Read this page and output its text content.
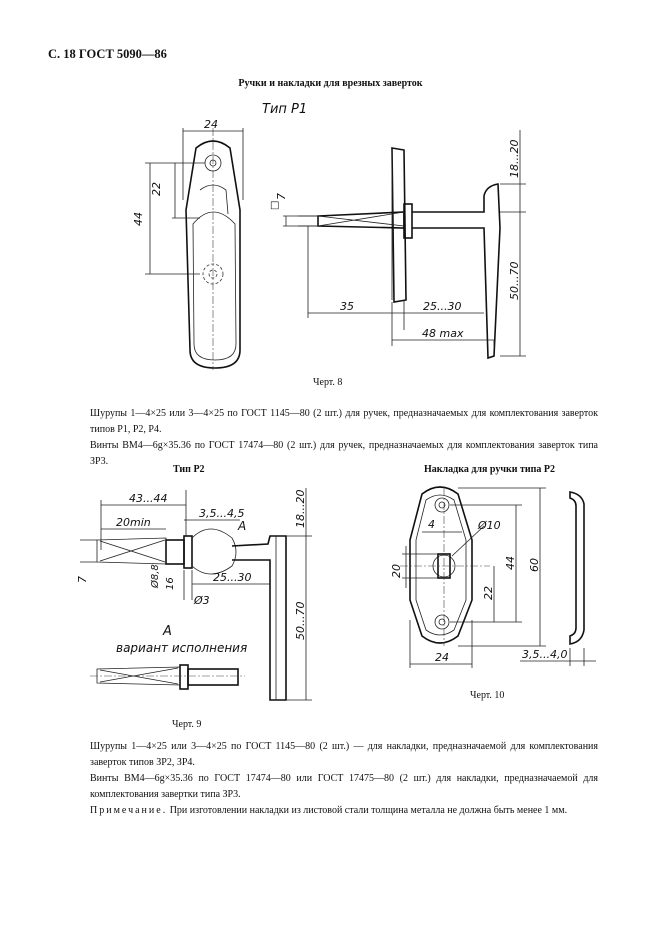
С. 18 ГОСТ 5090—86
Ручки и накладки для врезных заверток
Тип Р1
24
22
44
□
7
18...20
35	25...30
48 max
50...70
43...44
20min
3,5...4,5
А	18...20
7	16
Ø8,8
Ø3
25...30
50...70
А
вариант исполнения
4	Ø10
20
44 60
22
24	3,5...4,0
Черт. 8
Шурупы 1—4×25 или 3—4×25 по ГОСТ 1145—80 (2 шт.) для ручек, предназначаемых для комплектования заверток типов Р1, Р2, Р4.
Винты ВМ4—6g×35.36 по ГОСТ 17474—80 (2 шт.) для ручек, предназначаемых для комплектования заверток типа ЗР3.
Тип Р2	Накладка для ручки типа Р2
Черт. 9
Черт. 10
Шурупы 1—4×25 или 3—4×25 по ГОСТ 1145—80 (2 шт.) — для накладки, предназначаемой для комплектования заверток типов ЗР2, ЗР4.
Винты ВМ4—6g×35.36 по ГОСТ 17474—80 или ГОСТ 17475—80 (2 шт.) для накладки, предназначаемой для комплектования завертки типа ЗР3.
Примечание. При изготовлении накладки из листовой стали толщина металла не должна быть менее 1 мм.
